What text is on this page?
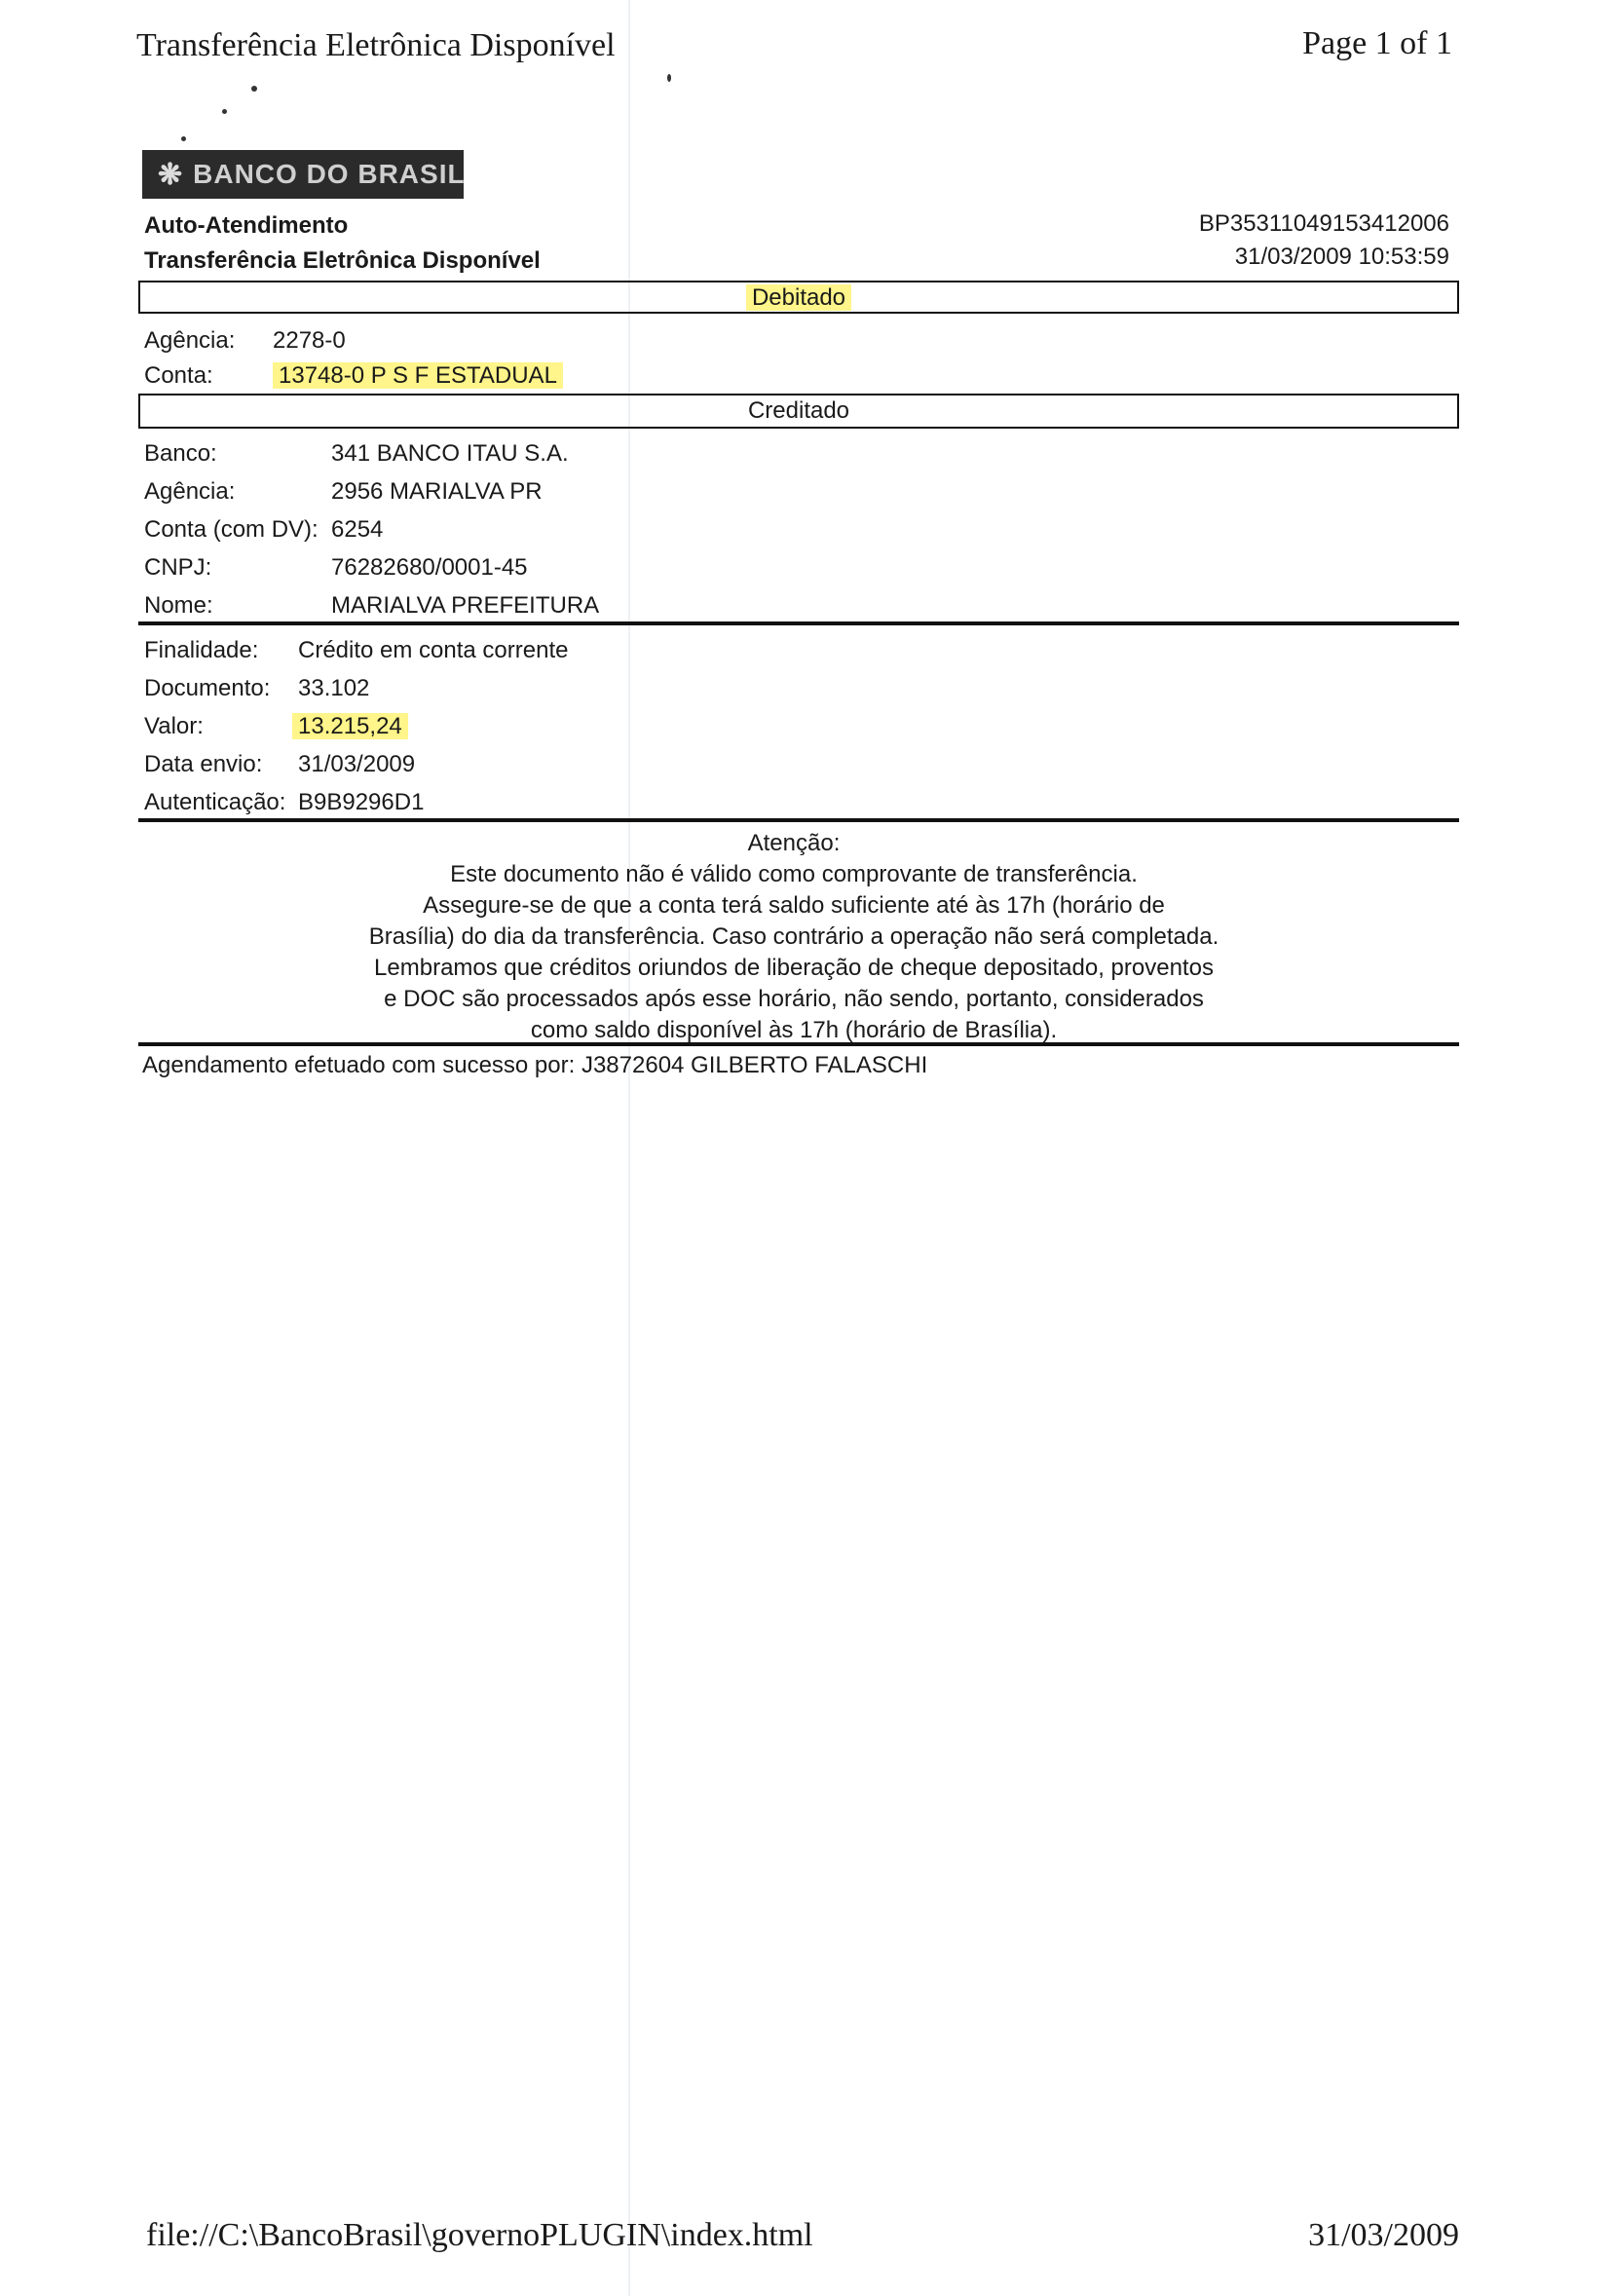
Transferência Eletrônica Disponível	Page 1 of 1
❋ BANCO DO BRASIL
Auto-Atendimento
Transferência Eletrônica Disponível
BP35311049153412006
31/03/2009 10:53:59
Debitado
Agência: 2278-0
Conta:	13748-0 P S F ESTADUAL
Creditado
Banco:	341 BANCO ITAU S.A.
Agência:	2956 MARIALVA PR
Conta (com DV): 6254
CNPJ:	76282680/0001-45
Nome:	MARIALVA PREFEITURA
Finalidade: Crédito em conta corrente
Documento: 33.102
Valor:	13.215,24
Data envio: 31/03/2009
Autenticação: B9B9296D1
Atenção:
Este documento não é válido como comprovante de transferência.
Assegure-se de que a conta terá saldo suficiente até às 17h (horário de
Brasília) do dia da transferência. Caso contrário a operação não será completada.
Lembramos que créditos oriundos de liberação de cheque depositado, proventos
e DOC são processados após esse horário, não sendo, portanto, considerados
como saldo disponível às 17h (horário de Brasília).
Agendamento efetuado com sucesso por: J3872604 GILBERTO FALASCHI
file://C:\BancoBrasil\governoPLUGIN\index.html	31/03/2009
